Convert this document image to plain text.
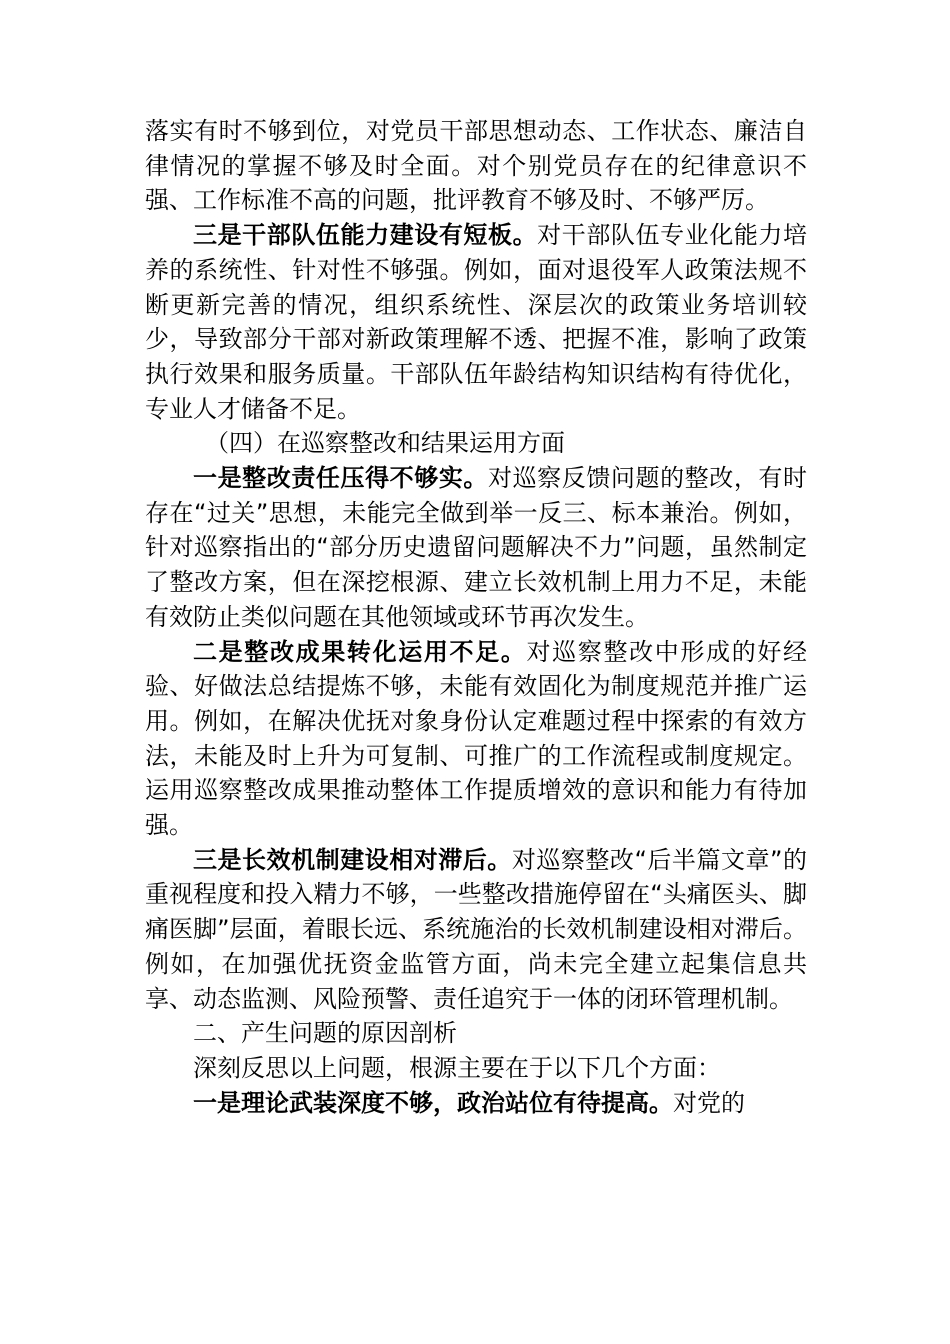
落实有时不够到位，对党员干部思想动态、工作状态、廉洁自律情况的掌握不够及时全面。对个别党员存在的纪律意识不强、工作标准不高的问题，批评教育不够及时、不够严厉。

三是干部队伍能力建设有短板。对干部队伍专业化能力培养的系统性、针对性不够强。例如，面对退役军人政策法规不断更新完善的情况，组织系统性、深层次的政策业务培训较少，导致部分干部对新政策理解不透、把握不准，影响了政策执行效果和服务质量。干部队伍年龄结构知识结构有待优化，专业人才储备不足。

（四）在巡察整改和结果运用方面

一是整改责任压得不够实。对巡察反馈问题的整改，有时存在“过关”思想，未能完全做到举一反三、标本兼治。例如，针对巡察指出的“部分历史遗留问题解决不力”问题，虽然制定了整改方案，但在深挖根源、建立长效机制上用力不足，未能有效防止类似问题在其他领域或环节再次发生。

二是整改成果转化运用不足。对巡察整改中形成的好经验、好做法总结提炼不够，未能有效固化为制度规范并推广运用。例如，在解决优抚对象身份认定难题过程中探索的有效方法，未能及时上升为可复制、可推广的工作流程或制度规定。运用巡察整改成果推动整体工作提质增效的意识和能力有待加强。

三是长效机制建设相对滞后。对巡察整改“后半篇文章”的重视程度和投入精力不够，一些整改措施停留在“头痛医头、脚痛医脚”层面，着眼长远、系统施治的长效机制建设相对滞后。例如，在加强优抚资金监管方面，尚未完全建立起集信息共享、动态监测、风险预警、责任追究于一体的闭环管理机制。

二、产生问题的原因剖析

深刻反思以上问题，根源主要在于以下几个方面：

一是理论武装深度不够，政治站位有待提高。对党的
